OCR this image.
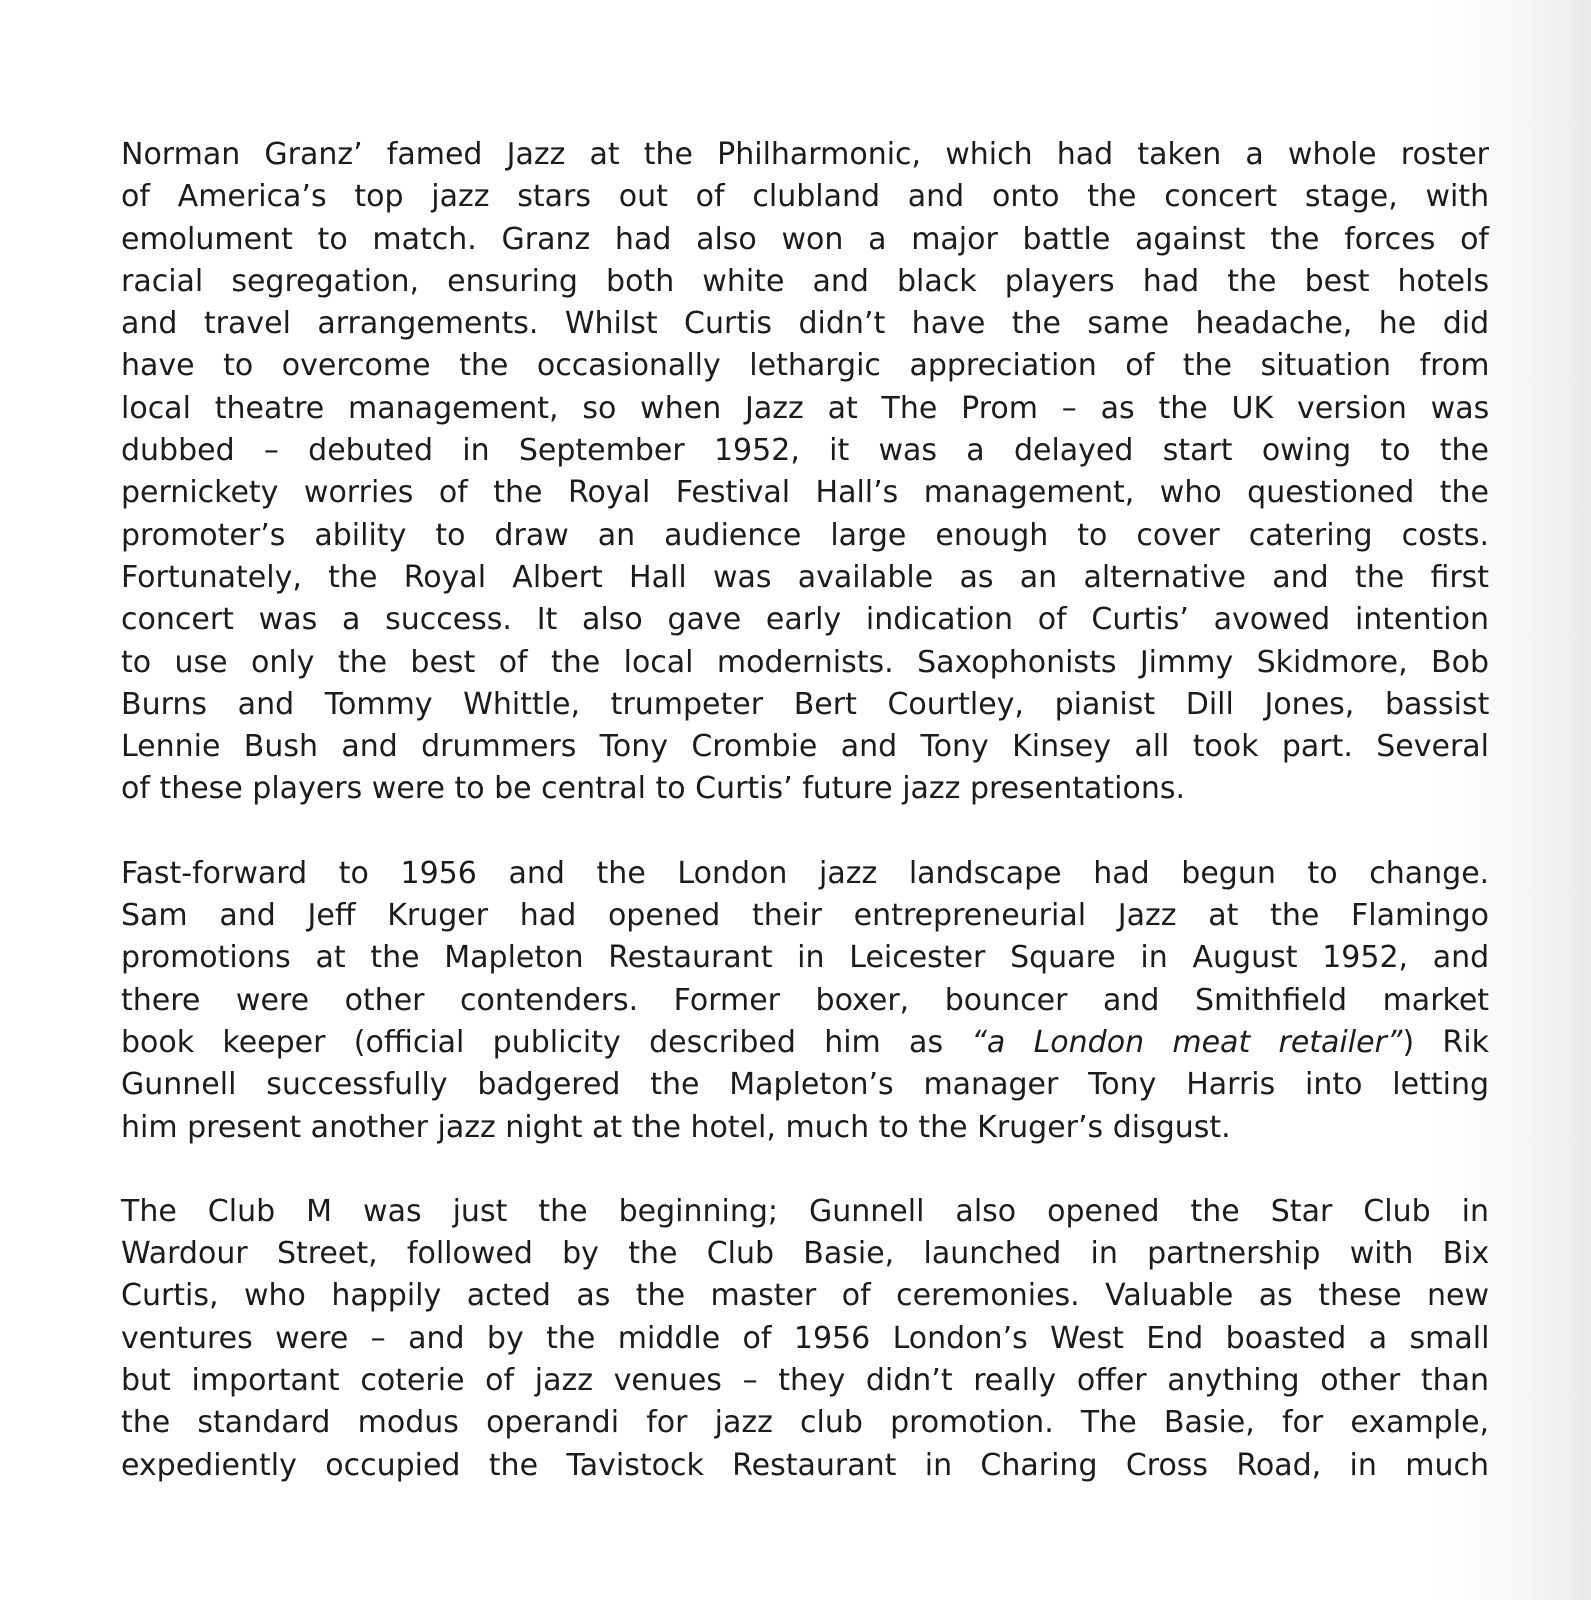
Norman Granz’ famed Jazz at the Philharmonic, which had taken a whole roster
of America’s top jazz stars out of clubland and onto the concert stage, with
emolument to match. Granz had also won a major battle against the forces of
racial segregation, ensuring both white and black players had the best hotels
and travel arrangements. Whilst Curtis didn’t have the same headache, he did
have to overcome the occasionally lethargic appreciation of the situation from
local theatre management, so when Jazz at The Prom – as the UK version was
dubbed – debuted in September 1952, it was a delayed start owing to the
pernickety worries of the Royal Festival Hall’s management, who questioned the
promoter’s ability to draw an audience large enough to cover catering costs.
Fortunately, the Royal Albert Hall was available as an alternative and the first
concert was a success. It also gave early indication of Curtis’ avowed intention
to use only the best of the local modernists. Saxophonists Jimmy Skidmore, Bob
Burns and Tommy Whittle, trumpeter Bert Courtley, pianist Dill Jones, bassist
Lennie Bush and drummers Tony Crombie and Tony Kinsey all took part. Several
of these players were to be central to Curtis’ future jazz presentations.

Fast-forward to 1956 and the London jazz landscape had begun to change.
Sam and Jeff Kruger had opened their entrepreneurial Jazz at the Flamingo
promotions at the Mapleton Restaurant in Leicester Square in August 1952, and
there were other contenders. Former boxer, bouncer and Smithfield market
book keeper (official publicity described him as “a London meat retailer”) Rik
Gunnell successfully badgered the Mapleton’s manager Tony Harris into letting
him present another jazz night at the hotel, much to the Kruger’s disgust.

The Club M was just the beginning; Gunnell also opened the Star Club in
Wardour Street, followed by the Club Basie, launched in partnership with Bix
Curtis, who happily acted as the master of ceremonies. Valuable as these new
ventures were – and by the middle of 1956 London’s West End boasted a small
but important coterie of jazz venues – they didn’t really offer anything other than
the standard modus operandi for jazz club promotion. The Basie, for example,
expediently occupied the Tavistock Restaurant in Charing Cross Road, in much
